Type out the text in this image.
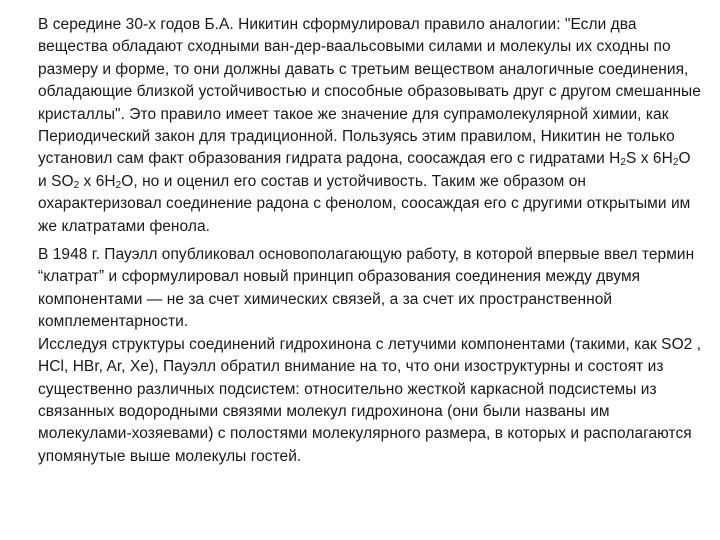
В середине 30-х годов Б.А. Никитин сформулировал правило аналогии: "Если два вещества обладают сходными ван-дер-ваальсовыми силами и молекулы их сходны по размеру и форме, то они должны давать с третьим веществом аналогичные соединения, обладающие близкой устойчивостью и способные образовывать друг с другом смешанные кристаллы". Это правило имеет такое же значение для супрамолекулярной химии, как Периодический закон для традиционной. Пользуясь этим правилом, Никитин не только установил сам факт образования гидрата радона, соосаждая его с гидратами $H_2S$ х $6H_2O$ и $SO_2$ х $6H_2O$, но и оценил его состав и устойчивость. Таким же образом он охарактеризовал соединение радона с фенолом, соосаждая его с другими открытыми им же клатратами фенола.

В 1948 г. Пауэлл опубликовал основополагающую работу, в которой впервые ввел термин “клатрат” и сформулировал новый принцип образования соединения между двумя компонентами — не за счет химических связей, а за счет их пространственной комплементарности.

Исследуя структуры соединений гидрохинона с летучими компонентами (такими, как SO2 , HCl, HBr, Ar, Xe), Пауэлл обратил внимание на то, что они изоструктурны и состоят из существенно различных подсистем: относительно жесткой каркасной подсистемы из связанных водородными связями молекул гидрохинона (они были названы им молекулами-хозяевами) с полостями молекулярного размера, в которых и располагаются упомянутые выше молекулы гостей.
